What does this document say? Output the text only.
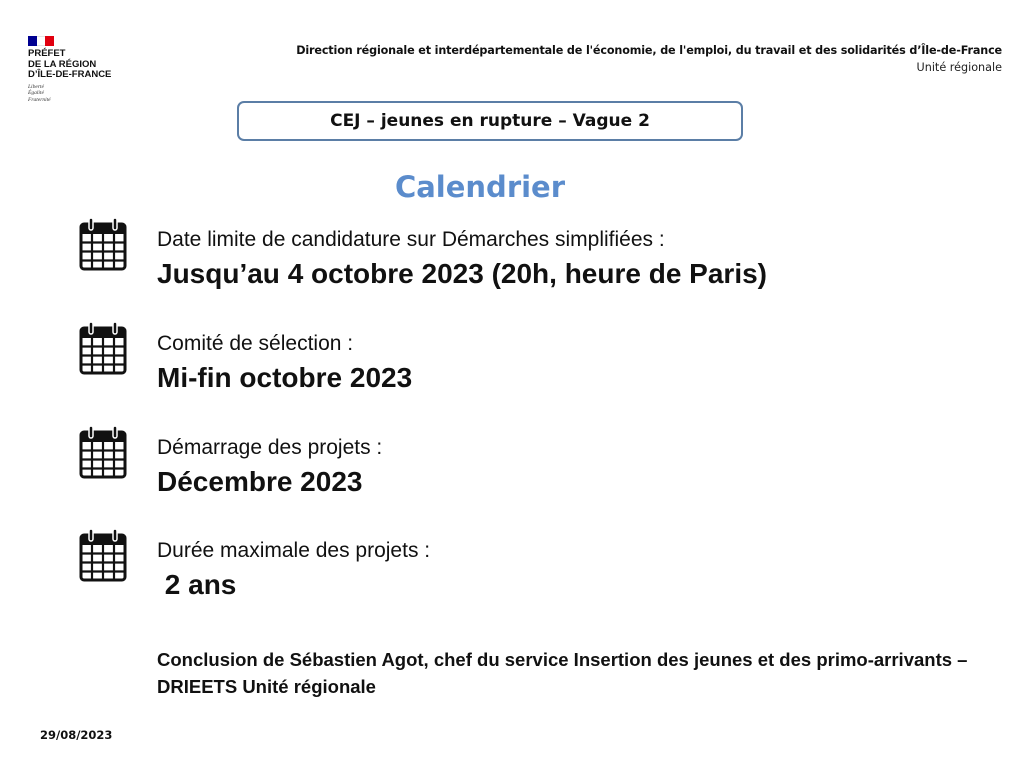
PRÉFET
DE LA RÉGION
D’ÎLE-DE-FRANCE
Liberté
Égalité
Fraternité
Direction régionale et interdépartementale de l'économie, de l'emploi, du travail et des solidarités d’Île-de-France
Unité régionale
CEJ – jeunes en rupture – Vague 2
Calendrier
Date limite de candidature sur Démarches simplifiées :
Jusqu’au 4 octobre 2023 (20h, heure de Paris)
Comité de sélection :
Mi-fin octobre 2023
Démarrage des projets :
Décembre 2023
Durée maximale des projets :
2 ans
Conclusion de Sébastien Agot, chef du service Insertion des jeunes et des primo-arrivants – DRIEETS Unité régionale
29/08/2023
